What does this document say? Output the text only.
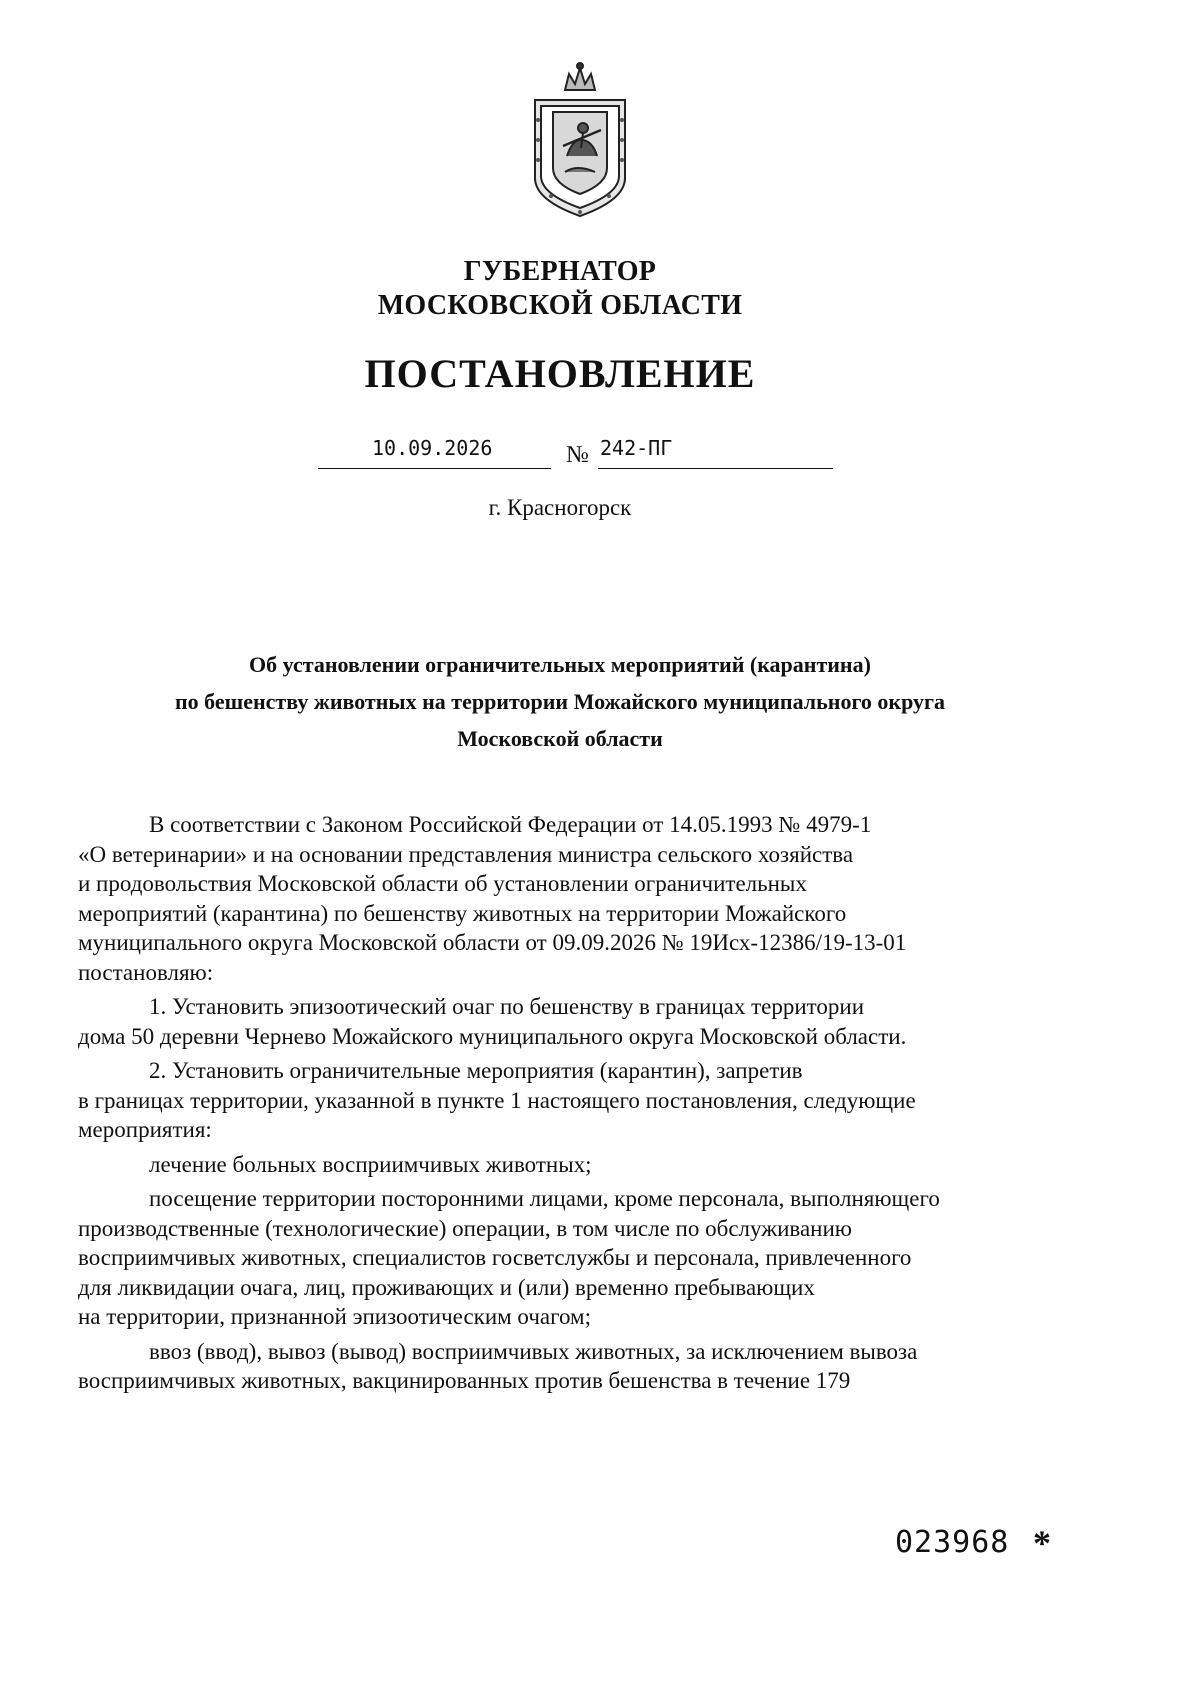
ГУБЕРНАТОР
МОСКОВСКОЙ ОБЛАСТИ
ПОСТАНОВЛЕНИЕ
10.09.2026	№ 242-ПГ
г. Красногорск
Об установлении ограничительных мероприятий (карантина)
по бешенству животных на территории Можайского муниципального округа
Московской области

В соответствии с Законом Российской Федерации от 14.05.1993 № 4979-1

«О ветеринарии» и на основании представления министра сельского хозяйства

и продовольствия Московской области об установлении ограничительных

мероприятий (карантина) по бешенству животных на территории Можайского

муниципального округа Московской области от 09.09.2026 № 19Исх-12386/19-13-01

постановляю:

1. Установить эпизоотический очаг по бешенству в границах территории

дома 50 деревни Чернево Можайского муниципального округа Московской области.

2. Установить ограничительные мероприятия (карантин), запретив

в границах территории, указанной в пункте 1 настоящего постановления, следующие

мероприятия:

лечение больных восприимчивых животных;

посещение территории посторонними лицами, кроме персонала, выполняющего

производственные (технологические) операции, в том числе по обслуживанию

восприимчивых животных, специалистов госветслужбы и персонала, привлеченного

для ликвидации очага, лиц, проживающих и (или) временно пребывающих

на территории, признанной эпизоотическим очагом;

ввоз (ввод), вывоз (вывод) восприимчивых животных, за исключением вывоза

восприимчивых животных, вакцинированных против бешенства в течение 179

023968 *
